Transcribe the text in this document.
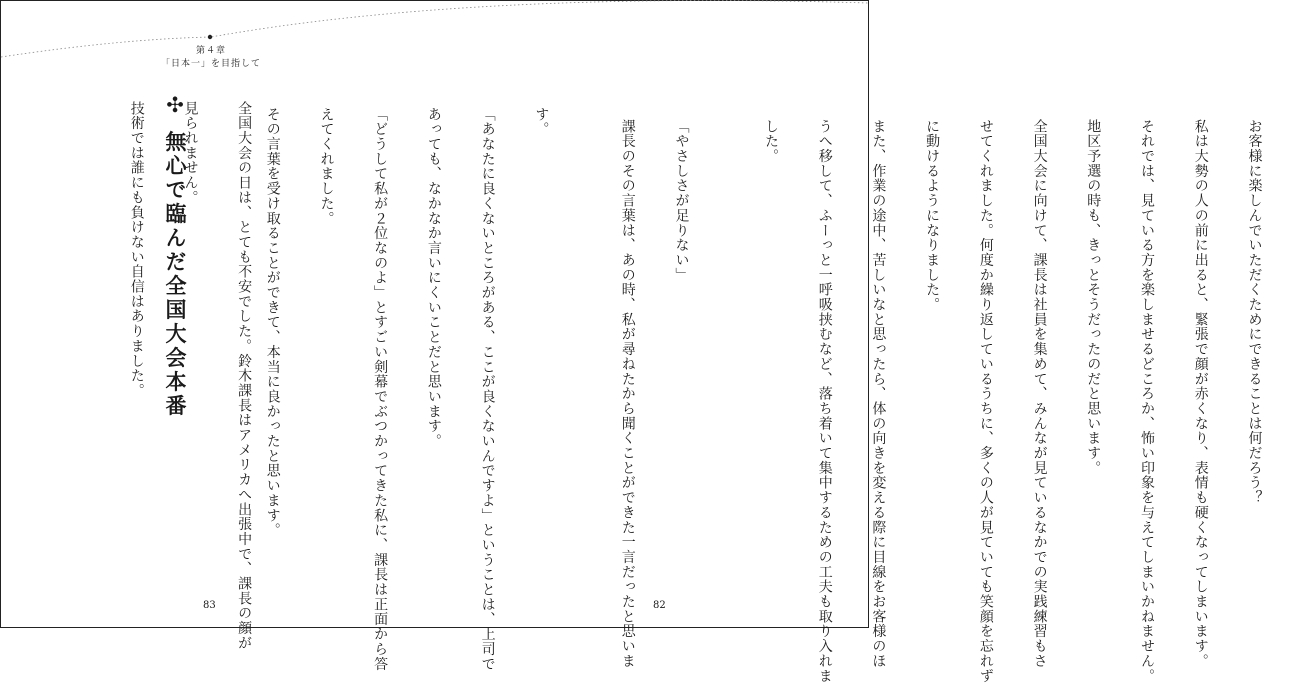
第４章
「日本一」を目指して

お客様に楽しんでいただくためにできることは何だろう？

私は大勢の人の前に出ると、緊張で顔が赤くなり、表情も硬くなってしまいます。

それでは、見ている方を楽しませるどころか、怖い印象を与えてしまいかねません。

地区予選の時も、きっとそうだったのだと思います。

全国大会に向けて、課長は社員を集めて、みんなが見ているなかでの実践練習もさ

せてくれました。何度か繰り返しているうちに、多くの人が見ていても笑顔を忘れず

に動けるようになりました。

また、作業の途中、苦しいなと思ったら、体の向きを変える際に目線をお客様のほ

うへ移して、ふーっと一呼吸挟むなど、落ち着いて集中するための工夫も取り入れま

した。

「やさしさが足りない」

課長のその言葉は、あの時、私が尋ねたから聞くことができた一言だったと思いま

82

す。

「あなたに良くないところがある、ここが良くないんですよ」ということは、上司で

あっても、なかなか言いにくいことだと思います。

「どうして私が２位なのよ」とすごい剣幕でぶつかってきた私に、課長は正面から答

えてくれました。

その言葉を受け取ることができて、本当に良かったと思います。

✣ 無心で臨んだ全国大会本番

	全国大会の日は、とても不安でした。鈴木課長はアメリカへ出張中で、課長の顔が

見られません。

技術では誰にも負けない自信はありました。

83
